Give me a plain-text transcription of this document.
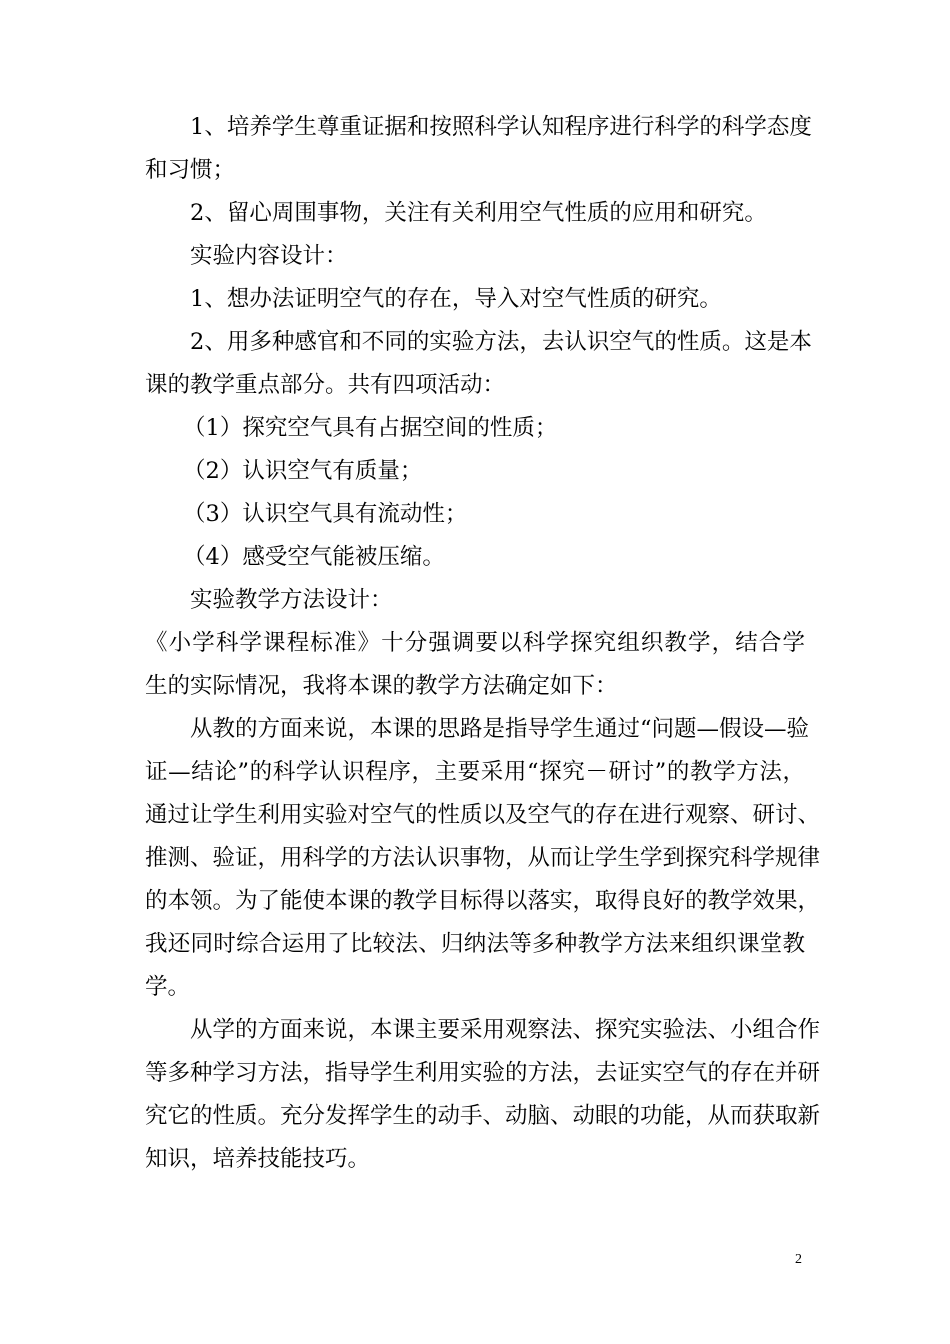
1、培养学生尊重证据和按照科学认知程序进行科学的科学态度
和习惯；
2、留心周围事物，关注有关利用空气性质的应用和研究。
实验内容设计：
1、想办法证明空气的存在，导入对空气性质的研究。
2、用多种感官和不同的实验方法，去认识空气的性质。这是本
课的教学重点部分。共有四项活动：
（1）探究空气具有占据空间的性质；
（2）认识空气有质量；
（3）认识空气具有流动性；
（4）感受空气能被压缩。
实验教学方法设计：
《小学科学课程标准》十分强调要以科学探究组织教学，结合学
生的实际情况，我将本课的教学方法确定如下：
从教的方面来说，本课的思路是指导学生通过“问题—假设—验
证—结论”的科学认识程序，主要采用“探究－研讨”的教学方法，
通过让学生利用实验对空气的性质以及空气的存在进行观察、研讨、
推测、验证，用科学的方法认识事物，从而让学生学到探究科学规律
的本领。为了能使本课的教学目标得以落实，取得良好的教学效果，
我还同时综合运用了比较法、归纳法等多种教学方法来组织课堂教
学。
从学的方面来说，本课主要采用观察法、探究实验法、小组合作
等多种学习方法，指导学生利用实验的方法，去证实空气的存在并研
究它的性质。充分发挥学生的动手、动脑、动眼的功能，从而获取新
知识，培养技能技巧。
2
